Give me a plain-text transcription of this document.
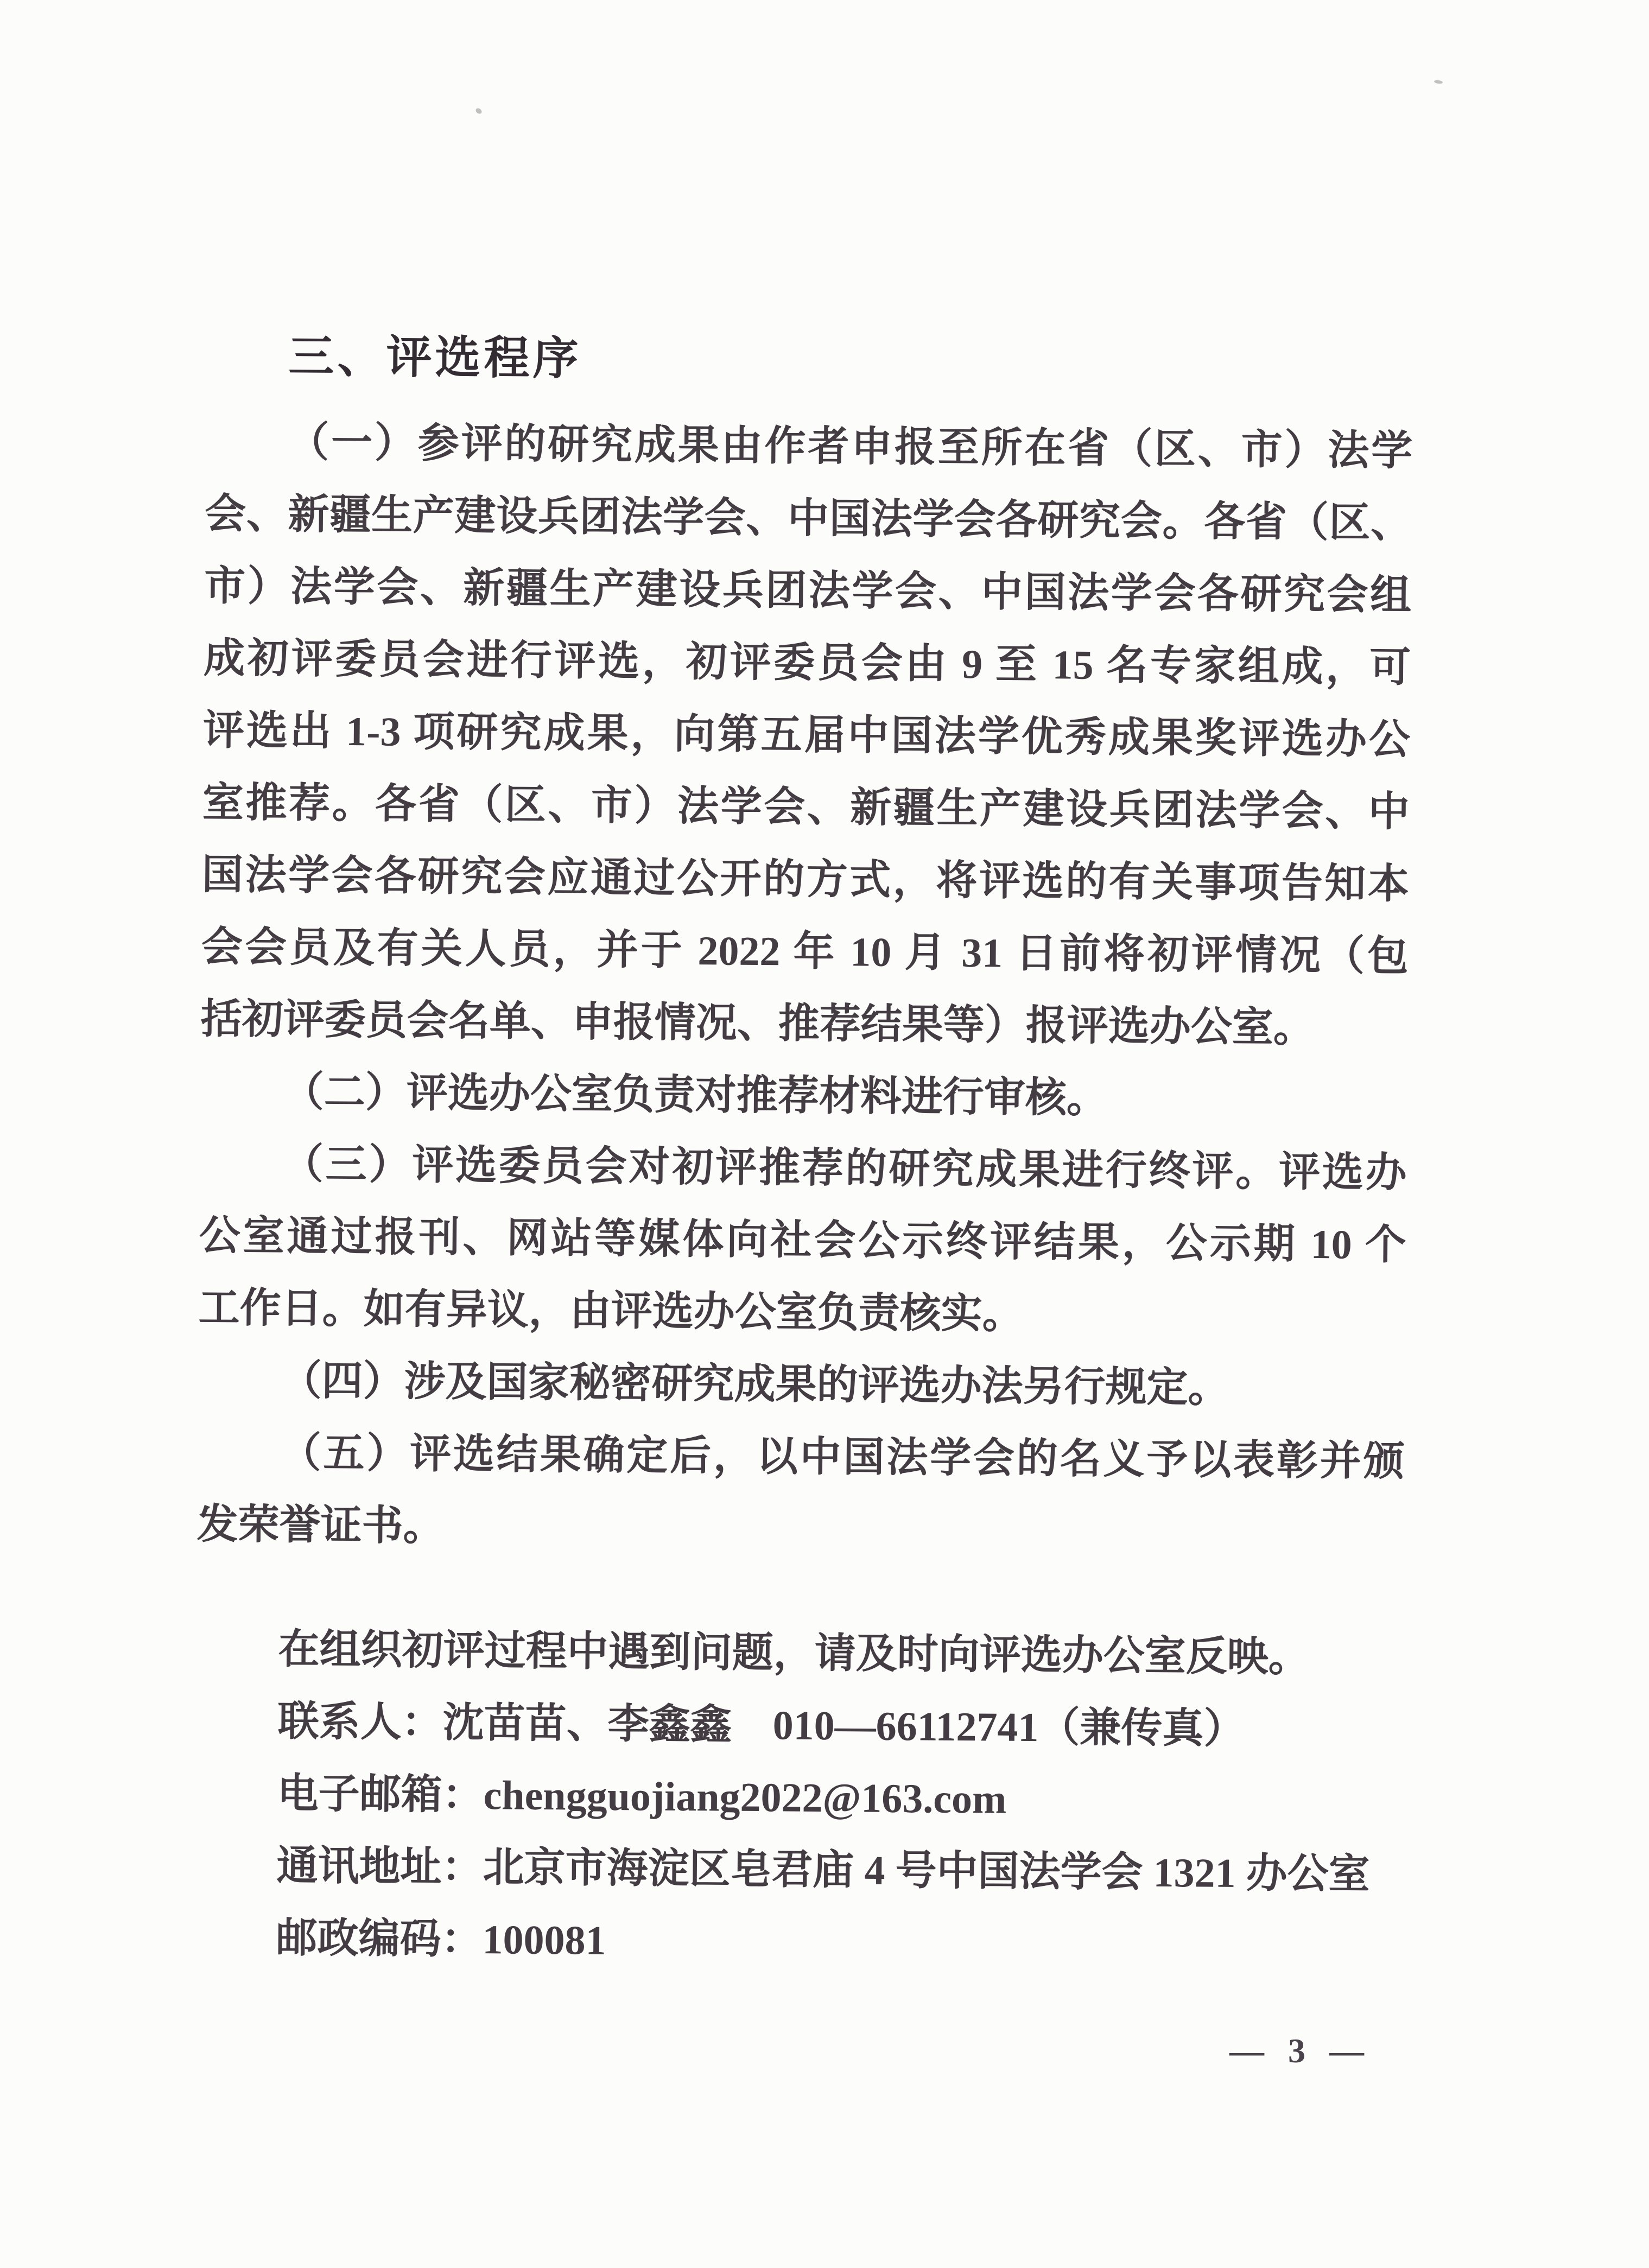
三、评选程序
（一）参评的研究成果由作者申报至所在省（区、市）法学
会、新疆生产建设兵团法学会、中国法学会各研究会。各省（区、
市）法学会、新疆生产建设兵团法学会、中国法学会各研究会组
成初评委员会进行评选，初评委员会由 9 至 15 名专家组成，可
评选出 1-3 项研究成果，向第五届中国法学优秀成果奖评选办公
室推荐。各省（区、市）法学会、新疆生产建设兵团法学会、中
国法学会各研究会应通过公开的方式，将评选的有关事项告知本
会会员及有关人员，并于 2022 年 10 月 31 日前将初评情况（包
括初评委员会名单、申报情况、推荐结果等）报评选办公室。
（二）评选办公室负责对推荐材料进行审核。
（三）评选委员会对初评推荐的研究成果进行终评。评选办
公室通过报刊、网站等媒体向社会公示终评结果，公示期 10 个
工作日。如有异议，由评选办公室负责核实。
（四）涉及国家秘密研究成果的评选办法另行规定。
（五）评选结果确定后，以中国法学会的名义予以表彰并颁
发荣誉证书。
在组织初评过程中遇到问题，请及时向评选办公室反映。
联系人：沈苗苗、李鑫鑫　010—66112741（兼传真）
电子邮箱：chengguojiang2022@163.com
通讯地址：北京市海淀区皂君庙 4 号中国法学会 1321 办公室
邮政编码：100081
— 3 —
